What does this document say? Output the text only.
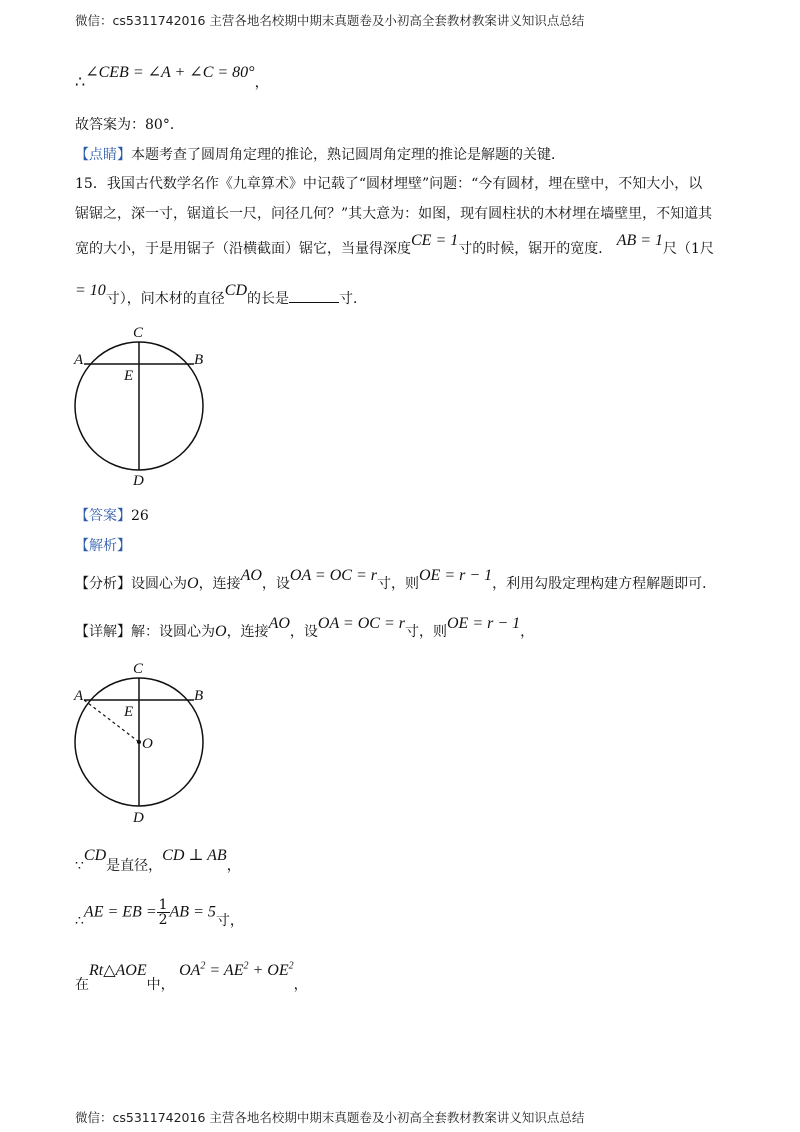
微信：cs5311742016 主营各地名校期中期末真题卷及小初高全套教材教案讲义知识点总结
∴∠CEB = ∠A + ∠C = 80°，
故答案为：80°．
【点睛】本题考查了圆周角定理的推论，熟记圆周角定理的推论是解题的关键．
15．我国古代数学名作《九章算术》中记载了“圆材埋壁”问题：“今有圆材，埋在壁中，不知大小，以
锯锯之，深一寸，锯道长一尺，问径几何？”其大意为：如图，现有圆柱状的木材埋在墙壁里，不知道其
宽的大小，于是用锯子（沿横截面）锯它，当量得深度CE = 1寸的时候，锯开的宽度． AB = 1尺（1尺
= 10寸），问木材的直径CD的长是	寸．
C
A	B
E
D
【答案】26
【解析】
【分析】设圆心为O，连接AO，设OA = OC = r寸，则OE = r − 1，利用勾股定理构建方程解题即可．
【详解】解：设圆心为O，连接AO，设OA = OC = r寸，则OE = r − 1，
C
A	B
E
O
D
∵CD是直径，CD ⊥ AB，
∴AE = EB = $\frac{1}{2}$ AB = 5寸，
在Rt△AOE中， $OA^2 = AE^2 + OE^2$，
微信：cs5311742016 主营各地名校期中期末真题卷及小初高全套教材教案讲义知识点总结
